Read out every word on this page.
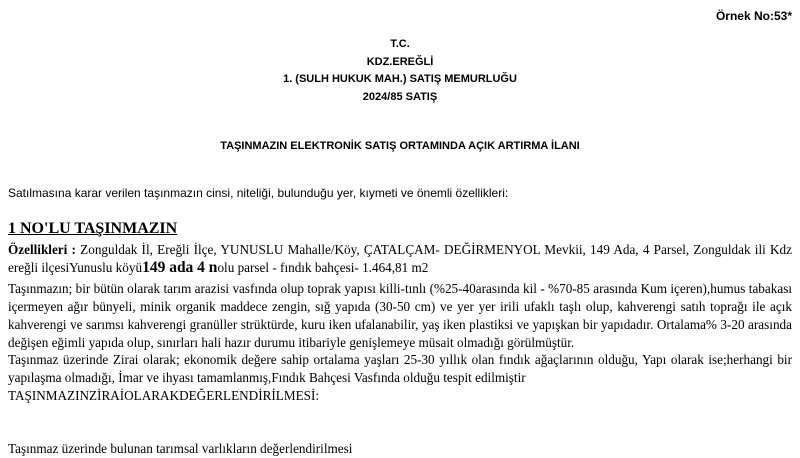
Örnek No:53*
T.C.
KDZ.EREĞLİ
1. (SULH HUKUK MAH.) SATIŞ MEMURLUĞU
2024/85 SATIŞ
TAŞINMAZIN ELEKTRONİK SATIŞ ORTAMINDA AÇIK ARTIRMA İLANI
Satılmasına karar verilen taşınmazın cinsi, niteliği, bulunduğu yer, kıymeti ve önemli özellikleri:
1 NO'LU TAŞINMAZIN
Özellikleri : Zonguldak İl, Ereğli İlçe, YUNUSLU Mahalle/Köy, ÇATALÇAM- DEĞİRMENYOL Mevkii, 149 Ada, 4 Parsel, Zonguldak ili Kdz ereğli ilçesiYunuslu köyü149 ada 4 nolu parsel - fındık bahçesi- 1.464,81 m2
Taşınmazın; bir bütün olarak tarım arazisi vasfında olup toprak yapısı killi-tınlı (%25-40arasında kil - %70-85 arasında Kum içeren),humus tabakası içermeyen ağır bünyeli, minik organik maddece zengin, sığ yapıda (30-50 cm) ve yer yer irili ufaklı taşlı olup, kahverengi satıh toprağı ile açık kahverengi ve sarımsı kahverengi granüller strüktürde, kuru iken ufalanabilir, yaş iken plastiksi ve yapışkan bir yapıdadır. Ortalama% 3-20 arasında değişen eğimli yapıda olup, sınırları hali hazır durumu itibariyle genişlemeye müsait olmadığı görülmüştür.
Taşınmaz üzerinde Zirai olarak; ekonomik değere sahip ortalama yaşları 25-30 yıllık olan fındık ağaçlarının olduğu, Yapı olarak ise;herhangi bir yapılaşma olmadığı, İmar ve ihyası tamamlanmış,Fındık Bahçesi Vasfında olduğu tespit edilmiştir
TAŞINMAZINZİRAİOLARAKDEĞERLENDİRİLMESİ:
Taşınmaz üzerinde bulunan tarımsal varlıkların değerlendirilmesi
